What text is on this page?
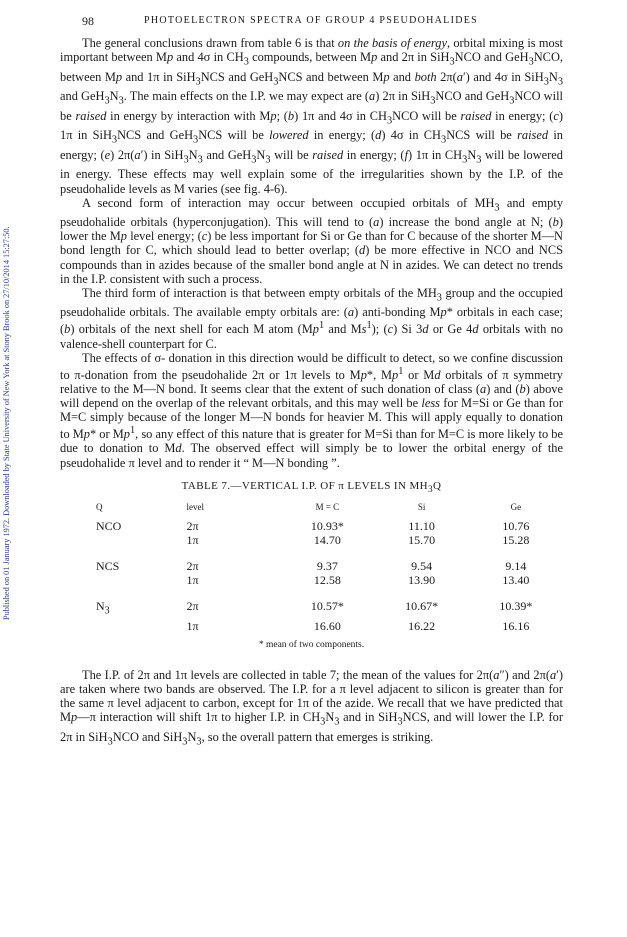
Published on 01 January 1972. Downloaded by State University of New York at Stony Brook on 27/10/2014 15:27:50.
98	PHOTOELECTRON SPECTRA OF GROUP 4 PSEUDOHALIDES

The general conclusions drawn from table 6 is that on the basis of energy, orbital mixing is most important between Mp and 4σ in $CH_3$ compounds, between Mp and 2π in SiH$_3$NCO and GeH$_3$NCO, between Mp and 1π in SiH$_3$NCS and GeH$_3$NCS and between Mp and both 2π(a′) and 4σ in $SiH_3N_3$ and $GeH_3N_3$. The main effects on the I.P. we may expect are (a) 2π in SiH$_3$NCO and GeH$_3$NCO will be raised in energy by interaction with Mp; (b) 1π and 4σ in $CH_3NCO$ will be raised in energy; (c) 1π in SiH$_3$NCS and GeH$_3$NCS will be lowered in energy; (d) 4σ in $CH_3NCS$ will be raised in energy; (e) 2π(a′) in $SiH_3N_3$ and $GeH_3N_3$ will be raised in energy; (f) 1π in $CH_3N_3$ will be lowered in energy. These effects may well explain some of the irregularities shown by the I.P. of the pseudohalide levels as M varies (see fig. 4-6).

A second form of interaction may occur between occupied orbitals of $MH_3$ and empty pseudohalide orbitals (hyperconjugation). This will tend to (a) increase the bond angle at N; (b) lower the Mp level energy; (c) be less important for Si or Ge than for C because of the shorter M—N bond length for C, which should lead to better overlap; (d) be more effective in NCO and NCS compounds than in azides because of the smaller bond angle at N in azides. We can detect no trends in the I.P. consistent with such a process.

The third form of interaction is that between empty orbitals of the $MH_3$ group and the occupied pseudohalide orbitals. The available empty orbitals are: (a) anti-bonding Mp* orbitals in each case; (b) orbitals of the next shell for each M atom (Mp$^1$ and Ms$^1$); (c) Si 3d or Ge 4d orbitals with no valence-shell counterpart for C.

The effects of σ- donation in this direction would be difficult to detect, so we confine discussion to π-donation from the pseudohalide 2π or 1π levels to Mp*, Mp$^1$ or Md orbitals of π symmetry relative to the M—N bond. It seems clear that the extent of such donation of class (a) and (b) above will depend on the overlap of the relevant orbitals, and this may well be less for M=Si or Ge than for M=C simply because of the longer M—N bonds for heavier M. This will apply equally to donation to Mp* or Mp$^1$, so any effect of this nature that is greater for M=Si than for M=C is more likely to be due to donation to Md. The observed effect will simply be to lower the orbital energy of the pseudohalide π level and to render it “ M—N bonding ”.

TABLE 7.—VERTICAL I.P. OF π LEVELS IN $MH_3Q$
Q	level	M = C	Si	Ge
NCO	2π	10.93*	11.10	10.76
	1π	14.70	15.70	15.28

NCS	2π	9.37	9.54	9.14
	1π	12.58	13.90	13.40

$N_3$	2π	10.57*	10.67*	10.39*
	1π	16.60	16.22	16.16
* mean of two components.

The I.P. of 2π and 1π levels are collected in table 7; the mean of the values for 2π(a″) and 2π(a′) are taken where two bands are observed. The I.P. for a π level adjacent to silicon is greater than for the same π level adjacent to carbon, except for 1π of the azide. We recall that we have predicted that Mp—π interaction will shift 1π to higher I.P. in $CH_3N_3$ and in SiH$_3$NCS, and will lower the I.P. for 2π in SiH$_3$NCO and $SiH_3N_3$, so the overall pattern that emerges is striking.
